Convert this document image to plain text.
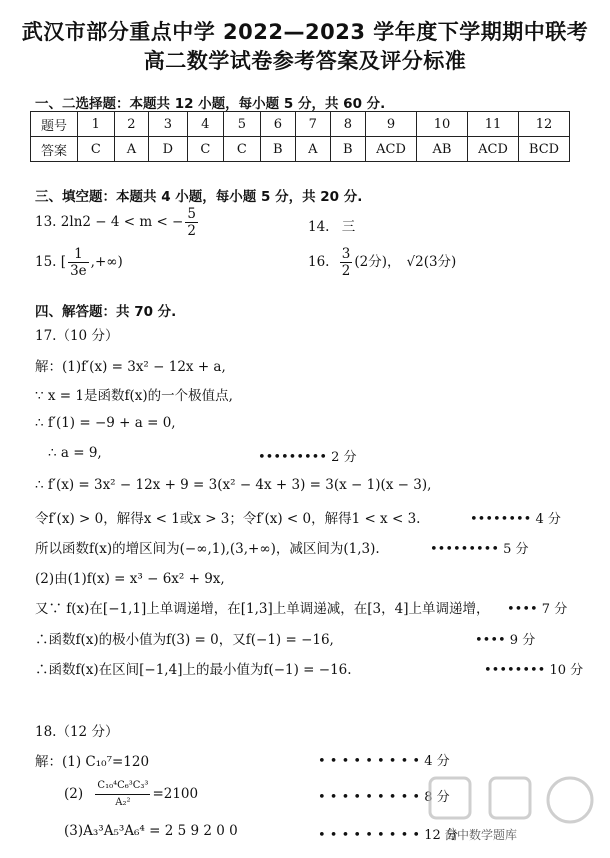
武汉市部分重点中学 2022—2023 学年度下学期期中联考
高二数学试卷参考答案及评分标准
一、二选择题：本题共 12 小题，每小题 5 分，共 60 分.
题号	1	2	3	4	5	6	7	8	9	10	11	12
答案	C	A	D	C	C	B	A	B	ACD	AB	ACD	BCD
三、填空题：本题共 4 小题，每小题 5 分，共 20 分.
13. 2ln2 − 4 < m < − $\frac{5}{2}$	14. 三
15. [ $\frac{1}{3e}$ ,+∞)	16. $\frac{3}{2} (2$分)， √2(3分)
四、解答题：共 70 分.
17.（10 分）
解：(1)f′(x) = 3x² − 12x + a,
∵ x = 1是函数f(x)的一个极值点,
∴ f′(1) = −9 + a = 0,
∴ a = 9,	••••••••• 2 分
∴ f′(x) = 3x² − 12x + 9 = 3(x² − 4x + 3) = 3(x − 1)(x − 3),
令f′(x) > 0，解得x < 1或x > 3；令f′(x) < 0，解得1 < x < 3.	•••••••• 4 分
所以函数f(x)的增区间为(−∞,1),(3,+∞)，减区间为(1,3).	••••••••• 5 分
(2)由(1)f(x) = x³ − 6x² + 9x,
又∵ f(x)在[−1,1]上单调递增，在[1,3]上单调递减，在[3，4]上单调递增， •••• 7 分
∴函数f(x)的极小值为f(3) = 0，又f(−1) = −16,	•••• 9 分
∴函数f(x)在区间[−1,4]上的最小值为f(−1) = −16.	•••••••• 10 分
18.（12 分）
解：(1) C₁₀⁷=120	• • • • • • • • • 4 分
$(2) \frac{\text{C₁₀⁴C₆³C₃³}}{\text{A₂²}} =2100$	• • • • • • • • • 8 分
(3)A₃³A₅³A₆⁴ = 2 5 9 2 0 0	• • • • • • • • • 12 分
高中数学题库
